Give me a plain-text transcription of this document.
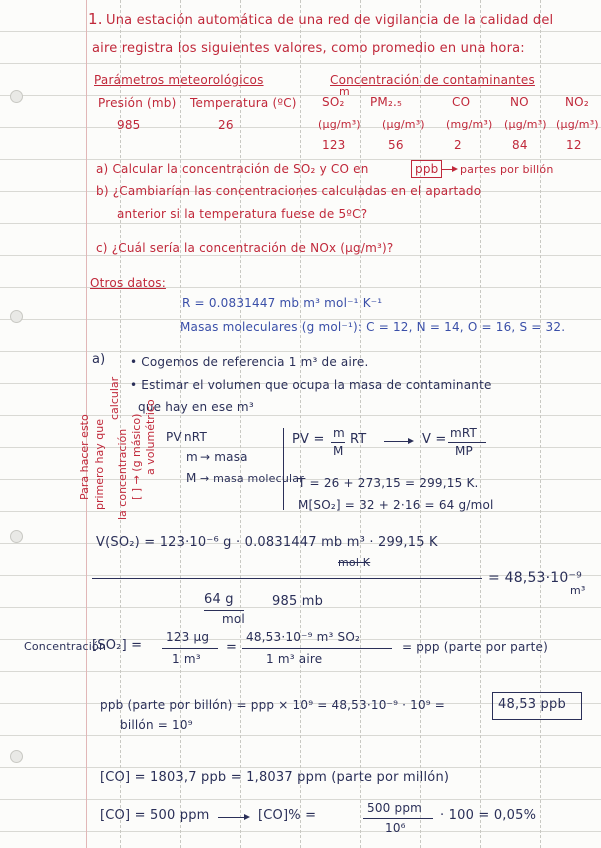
1. Una estación automática de una red de vigilancia de la calidad del
aire registra los siguientes valores, como promedio en una hora:
Parámetros meteorológicos
Presión (mb) Temperatura (ºC)
985	26
Concentración de contaminantes
m
SO₂ PM₂.₅	CO	NO	NO₂
(μg/m³) (μg/m³) (mg/m³) (μg/m³) (μg/m³)
123	56	2	84	12
a) Calcular la concentración de SO₂ y CO en	ppb partes por billón
b) ¿Cambiarían las concentraciones calculadas en el apartado
anterior si la temperatura fuese de 5ºC?
c) ¿Cuál sería la concentración de NOx (μg/m³)?
Otros datos:
R = 0.0831447 mb m³ mol⁻¹ K⁻¹
Masas moleculares (g mol⁻¹): C = 12, N = 14, O = 16, S = 32.
a) • Cogemos de referencia 1 m³ de aire.
• Estimar el volumen que ocupa la masa de contaminante
que hay en ese m³
Para hacer esto primero hay que
calcular
la concentración [ ] → (g másico) a volumétrico PV nRT
m → masa
M → masa molecular
PV = m
M
RT	V = mRT
MP
T = 26 + 273,15 = 299,15 K.
M[SO₂] = 32 + 2·16 = 64 g/mol
V(SO₂) = 123·10⁻⁶ g · 0.0831447 mb m³ · 299,15 K
mol K
= 48,53·10⁻⁹
m³
64 g
mol
985 mb
Concentración
[SO₂] =
123 μg
1 m³
=
48,53·10⁻⁹ m³ SO₂
1 m³ aire
= ppp (parte por parte)
ppb (parte por billón) = ppp × 10⁹ = 48,53·10⁻⁹ · 10⁹ =	48,53 ppb
billón = 10⁹
[CO] = 1803,7 ppb = 1,8037 ppm (parte por millón)
[CO] = 500 ppm	[CO]% =	500 ppm
10⁶
· 100 = 0,05%
